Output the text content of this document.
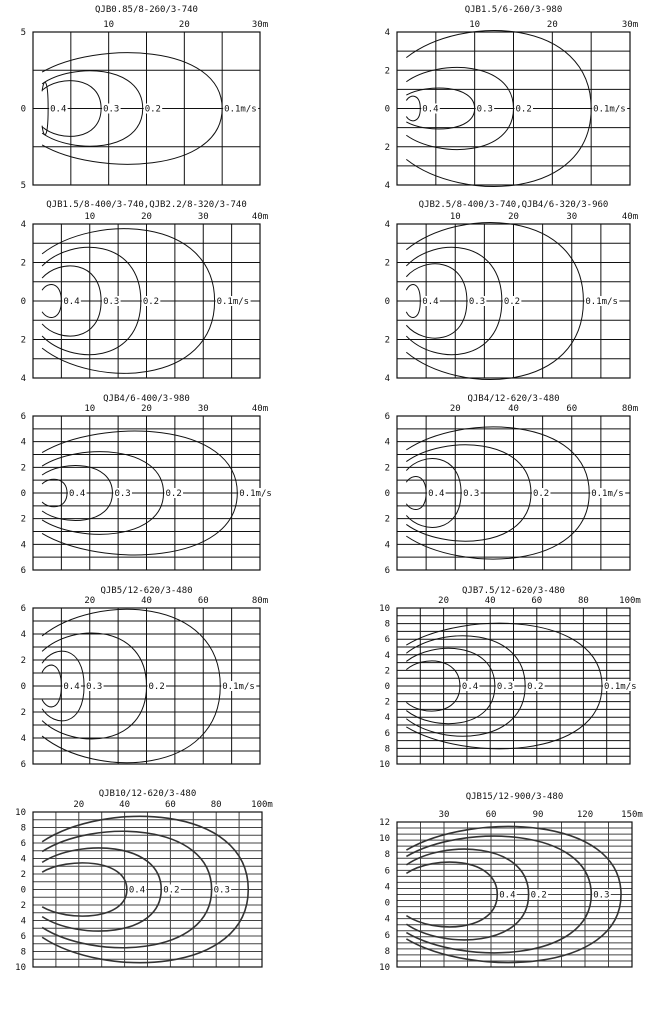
QJB0.85/8-260/3-740
10	20	30m
5
0
5
0.4	0.3	0.2	0.1m/s
QJB1.5/6-260/3-980
10	20	30m
4
2
0
2
4
0.4	0.3	0.2	0.1m/s
QJB1.5/8-400/3-740,QJB2.2/8-320/3-740
10	20	30	40m
4
2
0
2
4
0.4	0.3	0.2	0.1m/s
QJB2.5/8-400/3-740,QJB4/6-320/3-960
10	20	30	40m
4
2
0
2
4
0.4	0.3 0.2	0.1m/s
QJB4/6-400/3-980
10	20	30	40m
6
4
2
0
2
4
6
0.4	0.3	0.2	0.1m/s
QJB4/12-620/3-480
20	40	60	80m
6
4
2
0
2
4
6
0.4 0.3	0.2	0.1m/s
QJB5/12-620/3-480
20	40	60	80m
6
4
2
0
2
4
6
0.4 0.3	0.2	0.1m/s
QJB7.5/12-620/3-480
20	40	60	80	100m
10
8
6
4
2
0
2
4
6
8
10
0.4 0.3 0.2	0.1m/s
QJB10/12-620/3-480
20	40	60	80	100m
10
8
6
4
2
0
2
4
6
8
10
0.4 0.2	0.3
QJB15/12-900/3-480
30	60	90	120	150m
12
10
8
6
4
0
4
6
8
10
0.4 0.2	0.3
